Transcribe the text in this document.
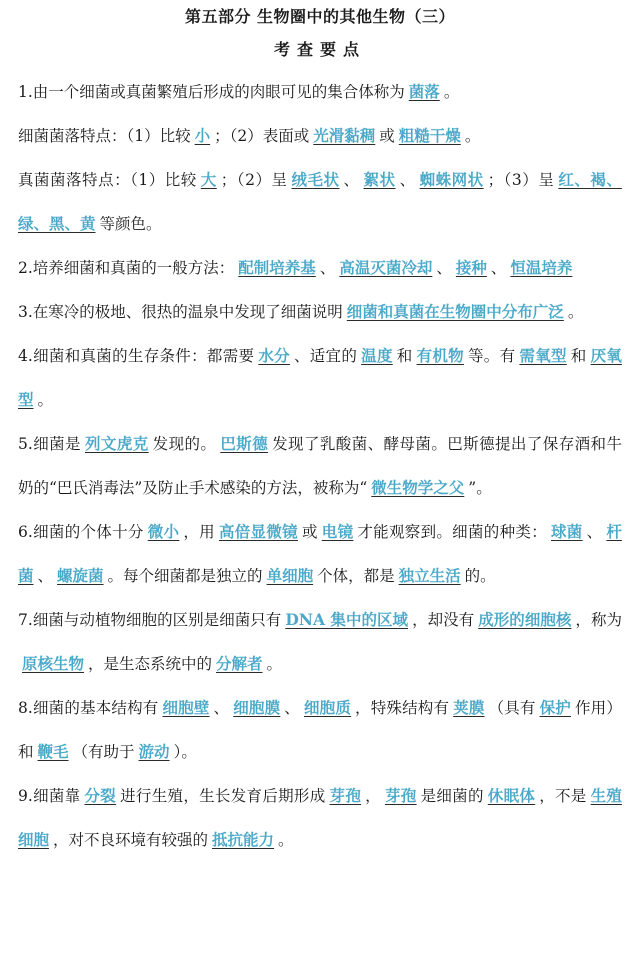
第五部分 生物圈中的其他生物（三）
考查要点

1.由一个细菌或真菌繁殖后形成的肉眼可见的集合体称为 菌落 。

细菌菌落特点：（1）比较 小 ；（2）表面或 光滑黏稠 或 粗糙干燥 。

真菌菌落特点：（1）比较 大 ；（2）呈 绒毛状 、 絮状 、 蜘蛛网状 ；（3）呈 红、褐、绿、黑、黄 等颜色。

2.培养细菌和真菌的一般方法： 配制培养基 、 高温灭菌冷却 、 接种 、 恒温培养

3.在寒冷的极地、很热的温泉中发现了细菌说明 细菌和真菌在生物圈中分布广泛 。

4.细菌和真菌的生存条件：都需要 水分 、适宜的 温度 和 有机物 等。有 需氧型 和 厌氧型 。

5.细菌是 列文虎克 发现的。 巴斯德 发现了乳酸菌、酵母菌。巴斯德提出了保存酒和牛奶的“巴氏消毒法”及防止手术感染的方法，被称为“ 微生物学之父 ”。

6.细菌的个体十分 微小 ，用 高倍显微镜 或 电镜 才能观察到。细菌的种类： 球菌 、 杆菌 、 螺旋菌 。每个细菌都是独立的 单细胞 个体，都是 独立生活 的。

7.细菌与动植物细胞的区别是细菌只有 DNA 集中的区域 ，却没有 成形的细胞核 ，称为原核生物 ，是生态系统中的 分解者 。

8.细菌的基本结构有 细胞壁 、 细胞膜 、 细胞质 ，特殊结构有 荚膜 （具有 保护 作用）和 鞭毛 （有助于 游动 ）。

9.细菌靠 分裂 进行生殖，生长发育后期形成 芽孢 ， 芽孢 是细菌的 休眠体 ，不是 生殖细胞 ，对不良环境有较强的 抵抗能力 。
